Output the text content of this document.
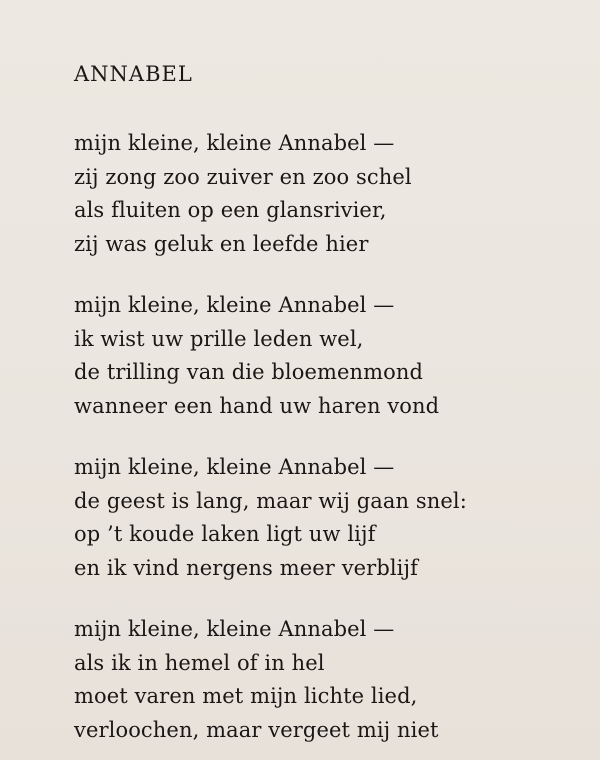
ANNABEL
mijn kleine, kleine Annabel —
zij zong zoo zuiver en zoo schel
als fluiten op een glansrivier,
zij was geluk en leefde hier
mijn kleine, kleine Annabel —
ik wist uw prille leden wel,
de trilling van die bloemenmond
wanneer een hand uw haren vond
mijn kleine, kleine Annabel —
de geest is lang, maar wij gaan snel:
op ’t koude laken ligt uw lijf
en ik vind nergens meer verblijf
mijn kleine, kleine Annabel —
als ik in hemel of in hel
moet varen met mijn lichte lied,
verloochen, maar vergeet mij niet
